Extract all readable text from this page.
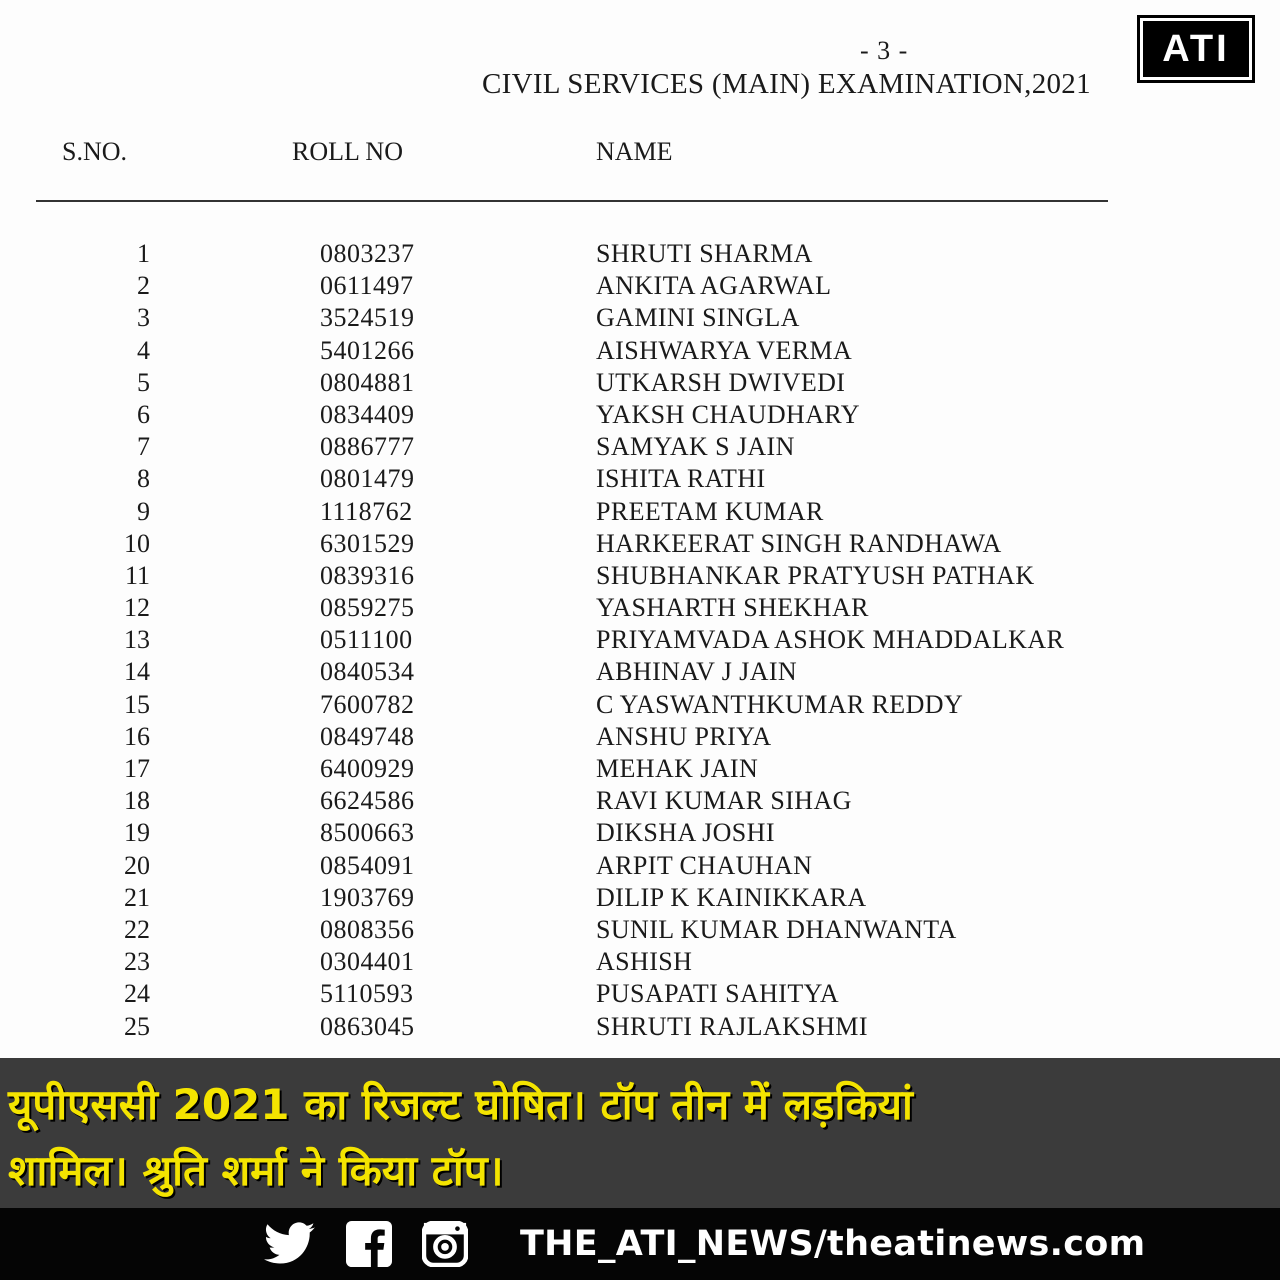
- 3 -
CIVIL SERVICES (MAIN) EXAMINATION,2021
ATI
S.NO.	ROLL NO	NAME
1	0803237	SHRUTI SHARMA
2	0611497	ANKITA AGARWAL
3	3524519	GAMINI SINGLA
4	5401266	AISHWARYA VERMA
5	0804881	UTKARSH DWIVEDI
6	0834409	YAKSH CHAUDHARY
7	0886777	SAMYAK S JAIN
8	0801479	ISHITA RATHI
9	1118762	PREETAM KUMAR
10	6301529	HARKEERAT SINGH RANDHAWA
11	0839316	SHUBHANKAR PRATYUSH PATHAK
12	0859275	YASHARTH SHEKHAR
13	0511100	PRIYAMVADA ASHOK MHADDALKAR
14	0840534	ABHINAV J JAIN
15	7600782	C YASWANTHKUMAR REDDY
16	0849748	ANSHU PRIYA
17	6400929	MEHAK JAIN
18	6624586	RAVI KUMAR SIHAG
19	8500663	DIKSHA JOSHI
20	0854091	ARPIT CHAUHAN
21	1903769	DILIP K KAINIKKARA
22	0808356	SUNIL KUMAR DHANWANTA
23	0304401	ASHISH
24	5110593	PUSAPATI SAHITYA
25	0863045	SHRUTI RAJLAKSHMI

यूपीएससी 2021 का रिजल्ट घोषित। टॉप तीन में लड़कियां

शामिल। श्रुति शर्मा ने किया टॉप।

THE_ATI_NEWS/theatinews.com
